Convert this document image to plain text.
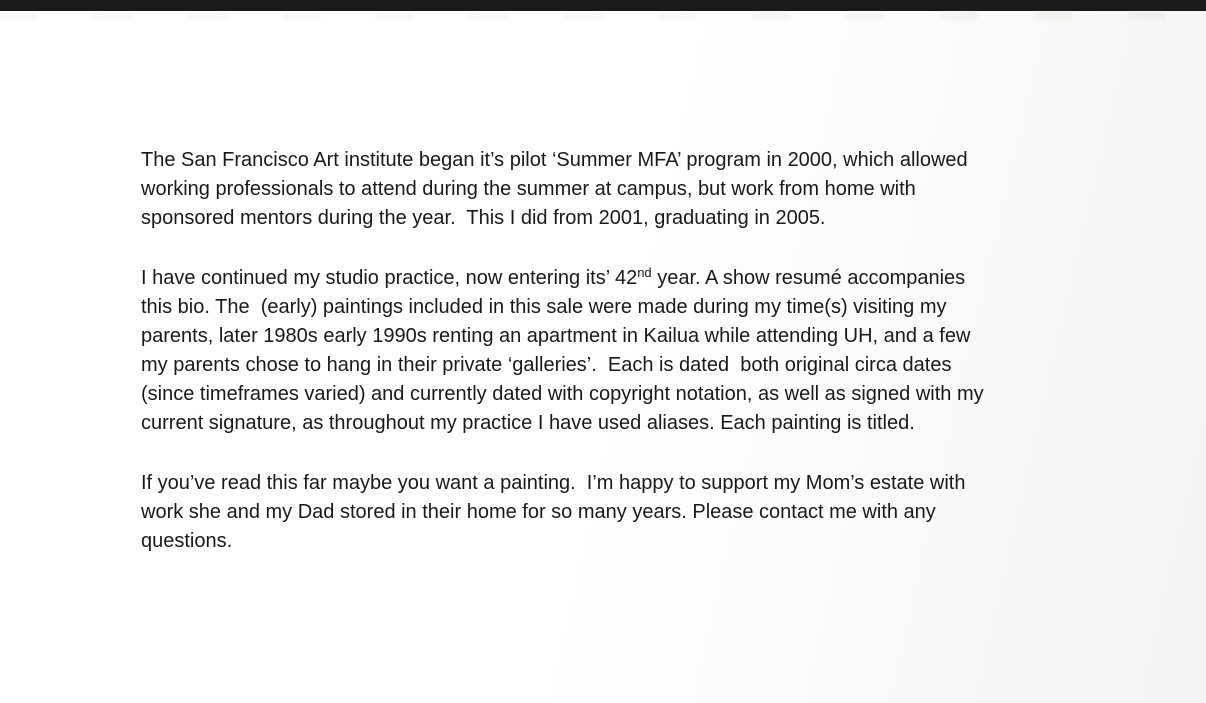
The San Francisco Art institute began it’s pilot ‘Summer MFA’ program in 2000, which allowed
working professionals to attend during the summer at campus, but work from home with
sponsored mentors during the year.  This I did from 2001, graduating in 2005.
I have continued my studio practice, now entering its’ 42nd year. A show resumé accompanies
this bio. The  (early) paintings included in this sale were made during my time(s) visiting my
parents, later 1980s early 1990s renting an apartment in Kailua while attending UH, and a few
my parents chose to hang in their private ‘galleries’.  Each is dated  both original circa dates
(since timeframes varied) and currently dated with copyright notation, as well as signed with my
current signature, as throughout my practice I have used aliases. Each painting is titled.
If you’ve read this far maybe you want a painting.  I’m happy to support my Mom’s estate with
work she and my Dad stored in their home for so many years. Please contact me with any
questions.
